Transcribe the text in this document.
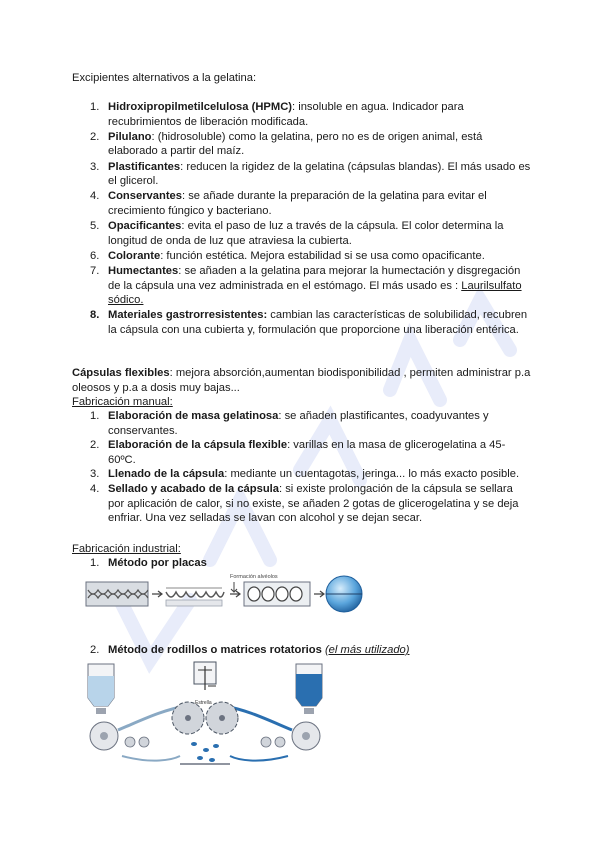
Excipientes alternativos a la gelatina:
1. Hidroxipropilmetilcelulosa (HPMC): insoluble en agua. Indicador para recubrimientos de liberación modificada.
2. Pilulano: (hidrosoluble) como la gelatina, pero no es de origen animal, está elaborado a partir del maíz.
3. Plastificantes: reducen la rigidez de la gelatina (cápsulas blandas). El más usado es el glicerol.
4. Conservantes: se añade durante la preparación de la gelatina para evitar el crecimiento fúngico y bacteriano.
5. Opacificantes: evita el paso de luz a través de la cápsula. El color determina la longitud de onda de luz que atraviesa la cubierta.
6. Colorante: función estética. Mejora estabilidad si se usa como opacificante.
7. Humectantes: se añaden a la gelatina para mejorar la humectación y disgregación de la cápsula una vez administrada en el estómago. El más usado es : Laurilsulfato sódico.
8. Materiales gastrorresistentes: cambian las características de solubilidad, recubren la cápsula con una cubierta y, formulación que proporcione una liberación entérica.
Cápsulas flexibles: mejora absorción,aumentan biodisponibilidad , permiten administrar p.a oleosos y p.a a dosis muy bajas...
Fabricación manual:
1. Elaboración de masa gelatinosa: se añaden plastificantes, coadyuvantes y conservantes.
2. Elaboración de la cápsula flexible: varillas en la masa de glicerogelatina a 45-60ºC.
3. Llenado de la cápsula: mediante un cuentagotas, jeringa... lo más exacto posible.
4. Sellado y acabado de la cápsula: si existe prolongación de la cápsula se sellara por aplicación de calor, si no existe, se añaden 2 gotas de glicerogelatina y se deja enfriar. Una vez selladas se lavan con alcohol y se dejan secar.
Fabricación industrial:
1. Método por placas
Formación alvéolos
2. Método de rodillos o matrices rotatorios (el más utilizado)
Estrella
